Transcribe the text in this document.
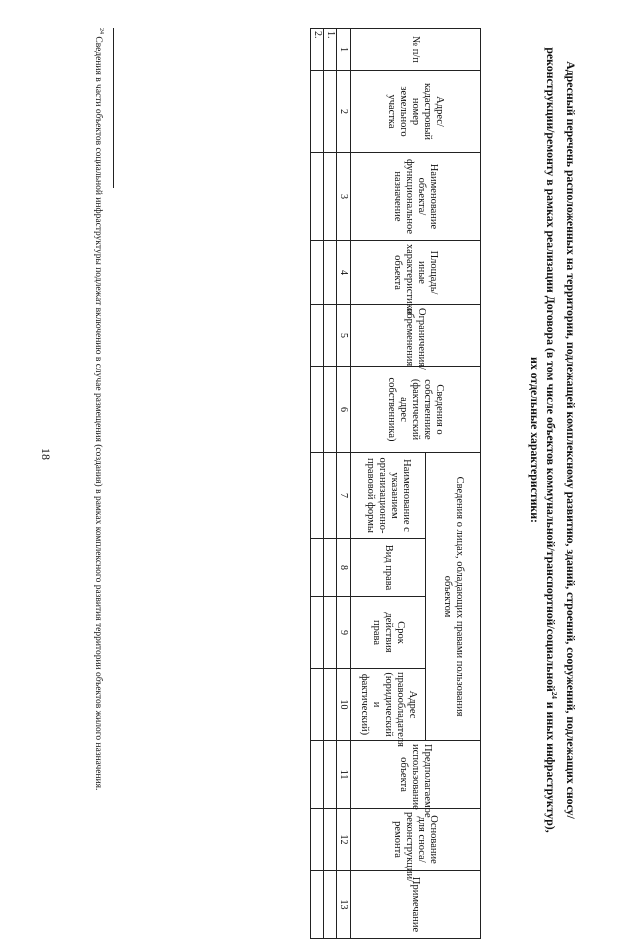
18	Адресный перечень расположенных на территории, подлежащей комплексному развитию, зданий, строений, сооружений, подлежащих сносу/реконструкции/ремонту в рамках реализации Договора (в том числе объектов коммунальной/транспортной/социальной$^{24}$ и иных инфраструктур), их отдельные характеристики:
№ п/п	Адрес/ кадастровый номер земельного участка	Наименование объекта/ функциональное назначение	Площадь/иные характеристики объекта	Ограничения/ обременения	Сведения о собственнике (фактический адрес собственника)	Сведения о лицах, обладающих правами пользования объектом				Предполагаемое использование объекта	Основание для сноса/ реконструкции/ ремонта	Примечание
						Наименование с указанием организационно-правовой формы	Вид права	Срок действия права	Адрес правообладателя (юридический и фактический)			
1	2	3	4	5	6	7	8	9	10	11	12	13
1.												
2.												
$^{24}$ Сведения в части объектов социальной инфраструктуры подлежат включению в случае размещения (создания) в рамках комплексного развития территории объектов жилого назначения.
